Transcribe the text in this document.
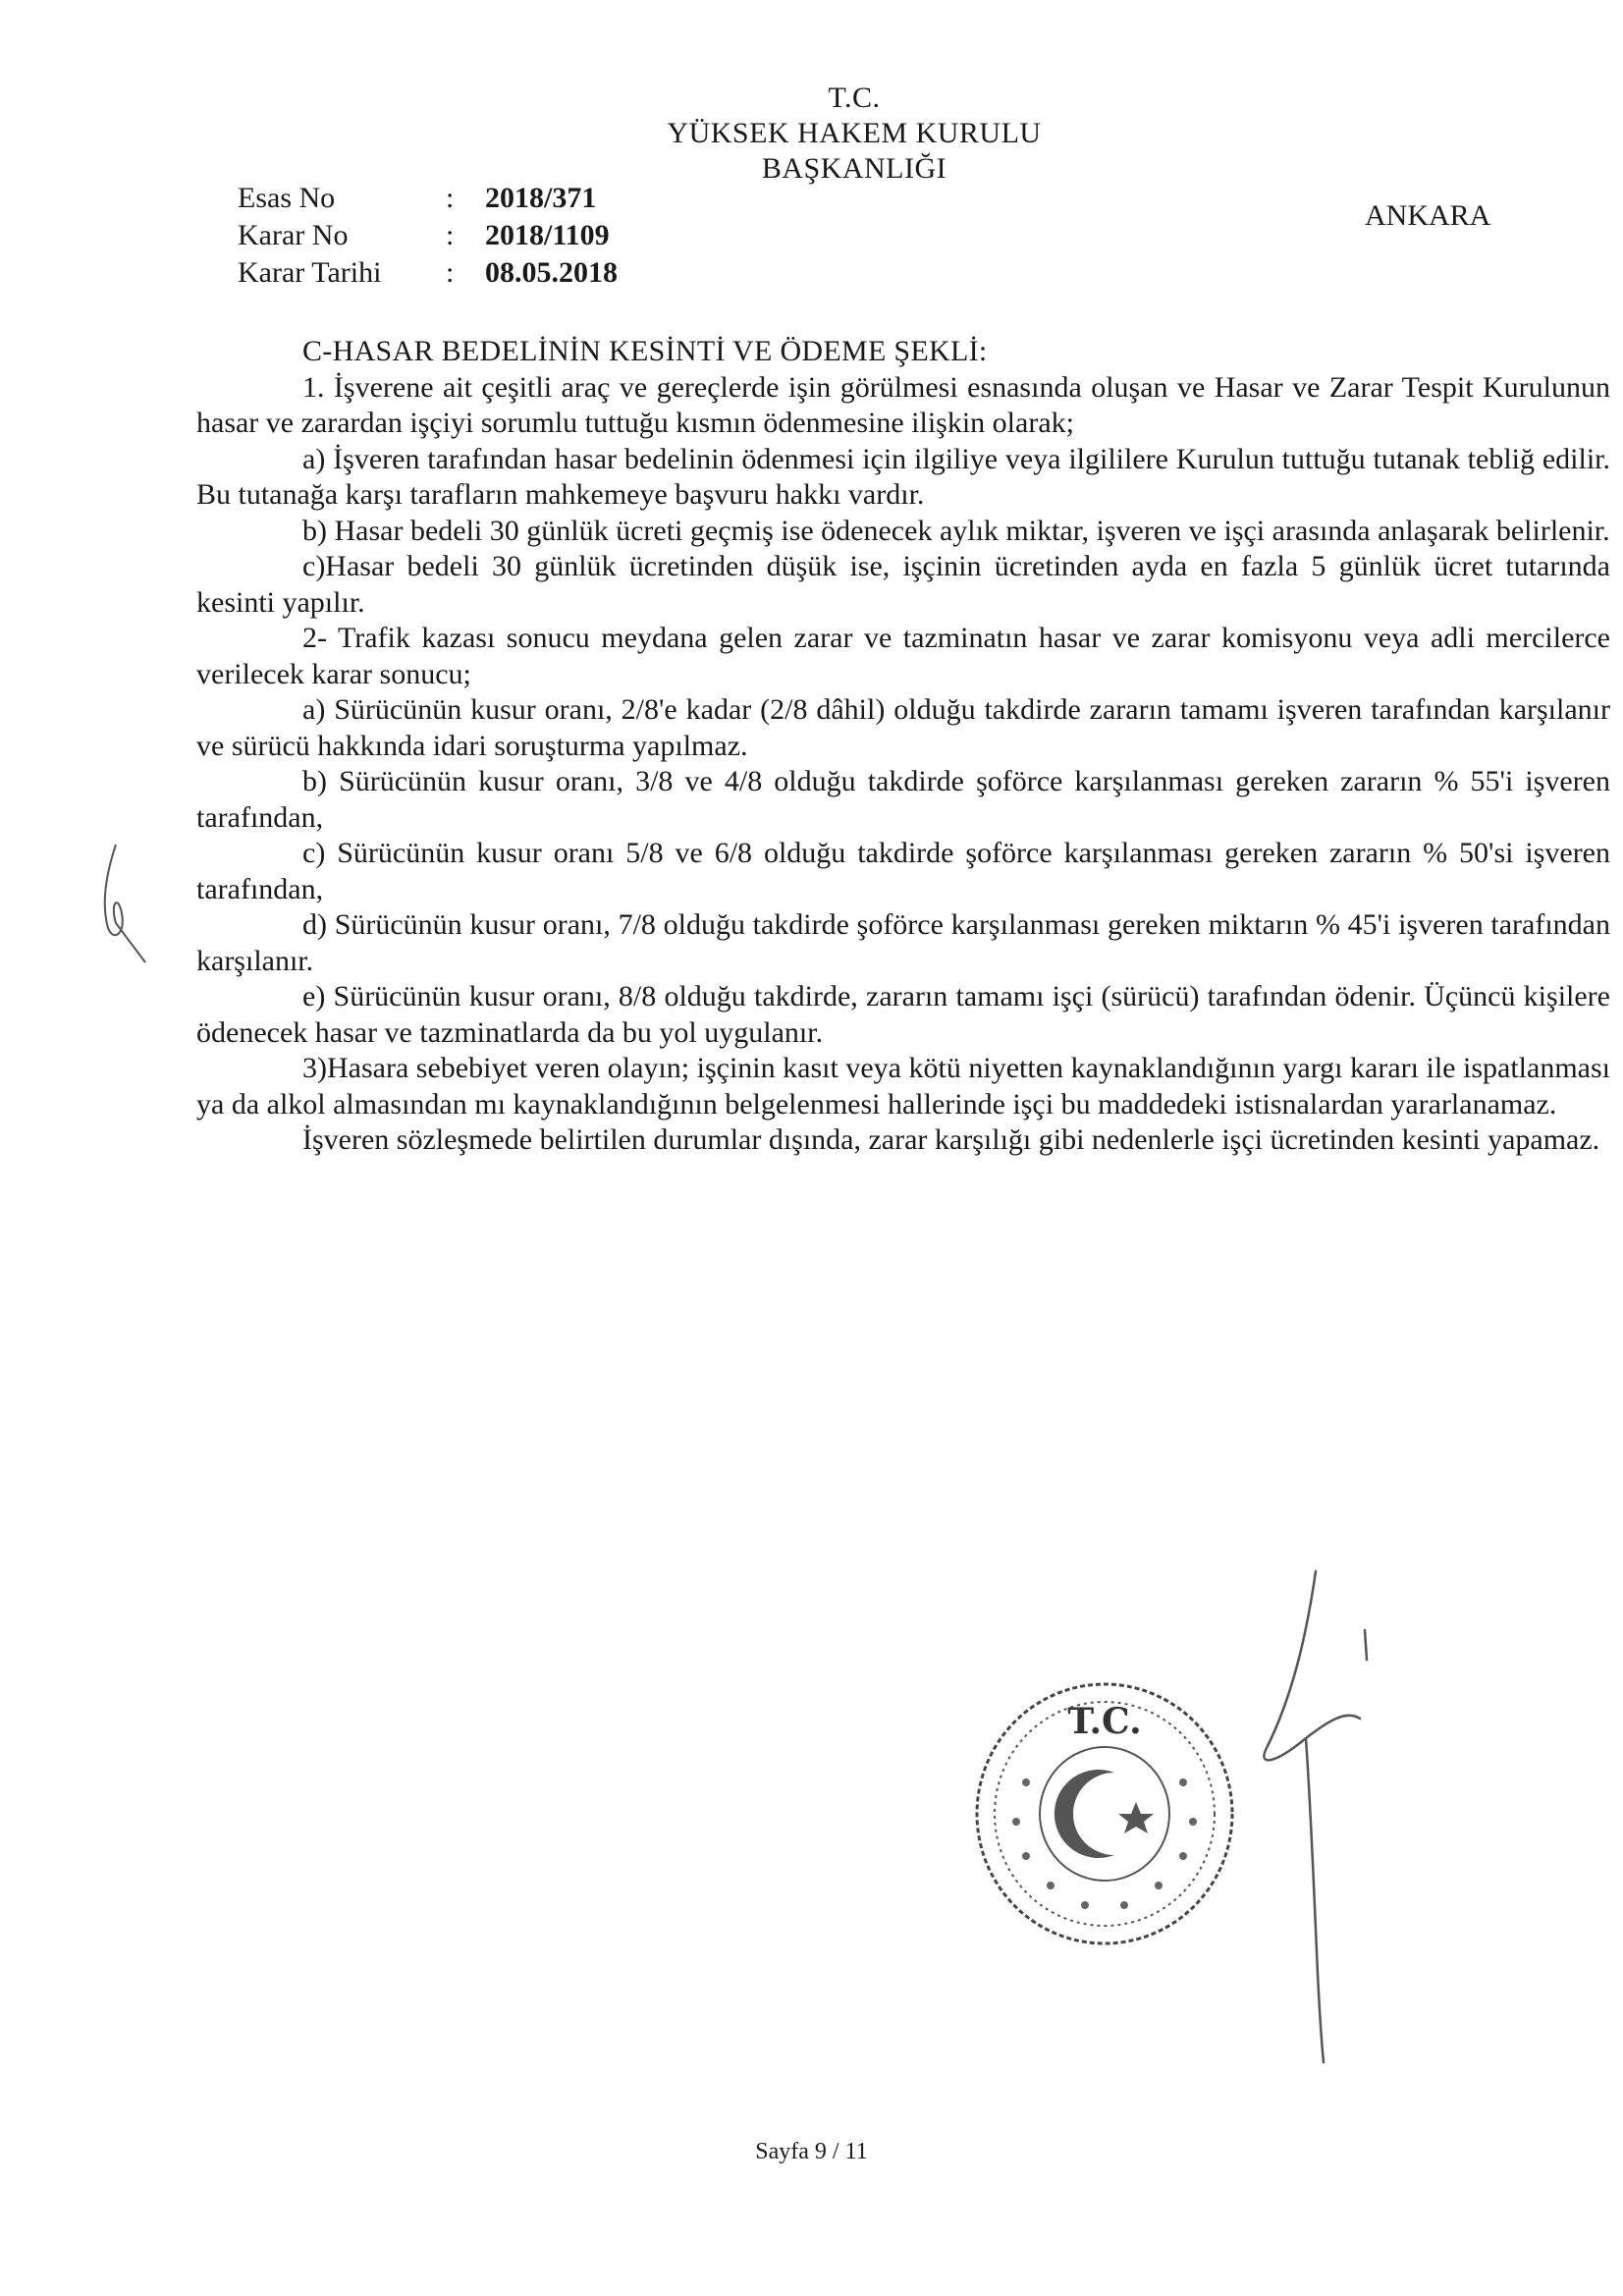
T.C.
YÜKSEK HAKEM KURULU
BAŞKANLIĞI
Esas No	:	2018/371
Karar No	:	2018/1109
Karar Tarihi	:	08.05.2018
ANKARA

C-HASAR BEDELİNİN KESİNTİ VE ÖDEME ŞEKLİ:

1. İşverene ait çeşitli araç ve gereçlerde işin görülmesi esnasında oluşan ve Hasar ve Zarar Tespit Kurulunun hasar ve zarardan işçiyi sorumlu tuttuğu kısmın ödenmesine ilişkin olarak;

a) İşveren tarafından hasar bedelinin ödenmesi için ilgiliye veya ilgililere Kurulun tuttuğu tutanak tebliğ edilir. Bu tutanağa karşı tarafların mahkemeye başvuru hakkı vardır.

b) Hasar bedeli 30 günlük ücreti geçmiş ise ödenecek aylık miktar, işveren ve işçi arasında anlaşarak belirlenir.

c)Hasar bedeli 30 günlük ücretinden düşük ise, işçinin ücretinden ayda en fazla 5 günlük ücret tutarında kesinti yapılır.

2- Trafik kazası sonucu meydana gelen zarar ve tazminatın hasar ve zarar komisyonu veya adli mercilerce verilecek karar sonucu;

a) Sürücünün kusur oranı, 2/8'e kadar (2/8 dâhil) olduğu takdirde zararın tamamı işveren tarafından karşılanır ve sürücü hakkında idari soruşturma yapılmaz.

b) Sürücünün kusur oranı, 3/8 ve 4/8 olduğu takdirde şoförce karşılanması gereken zararın % 55'i işveren tarafından,

c) Sürücünün kusur oranı 5/8 ve 6/8 olduğu takdirde şoförce karşılanması gereken zararın % 50'si işveren tarafından,

d) Sürücünün kusur oranı, 7/8 olduğu takdirde şoförce karşılanması gereken miktarın % 45'i işveren tarafından karşılanır.

e) Sürücünün kusur oranı, 8/8 olduğu takdirde, zararın tamamı işçi (sürücü) tarafından ödenir. Üçüncü kişilere ödenecek hasar ve tazminatlarda da bu yol uygulanır.

3)Hasara sebebiyet veren olayın; işçinin kasıt veya kötü niyetten kaynaklandığının yargı kararı ile ispatlanması ya da alkol almasından mı kaynaklandığının belgelenmesi hallerinde işçi bu maddedeki istisnalardan yararlanamaz.

İşveren sözleşmede belirtilen durumlar dışında, zarar karşılığı gibi nedenlerle işçi ücretinden kesinti yapamaz.

T.C.
Sayfa 9 / 11
